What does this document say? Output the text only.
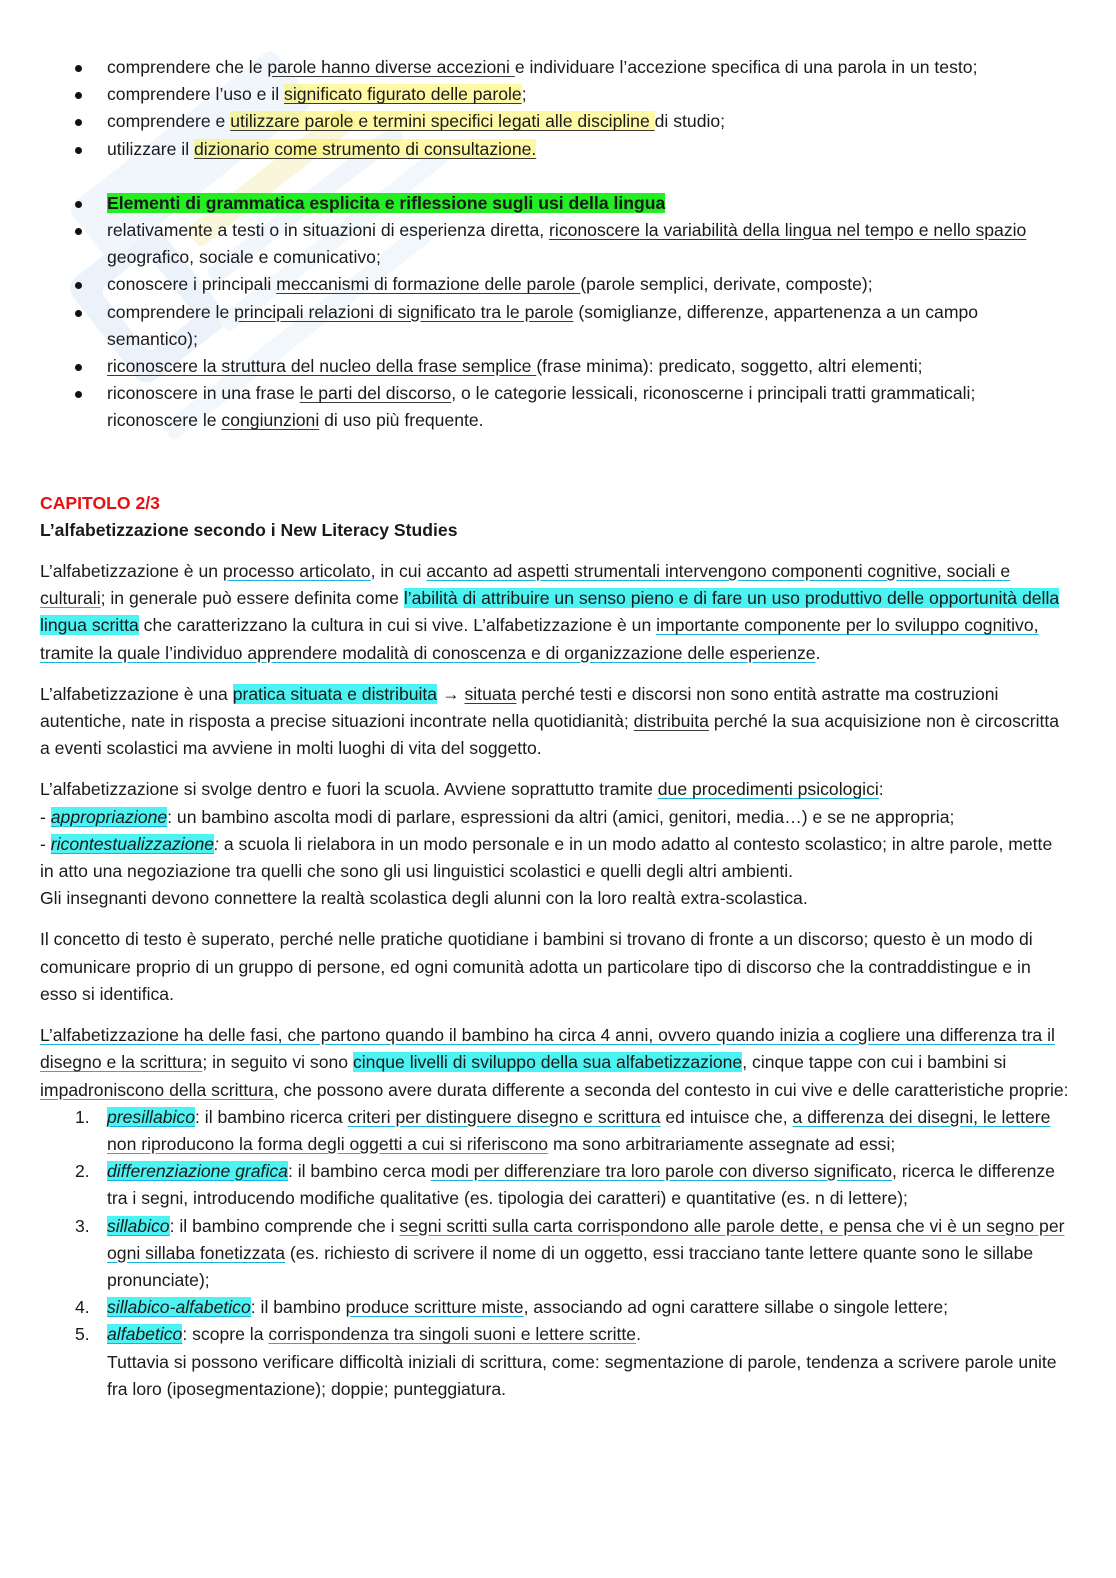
comprendere che le parole hanno diverse accezioni e individuare l’accezione specifica di una parola in un testo;
comprendere l’uso e il significato figurato delle parole;
comprendere e utilizzare parole e termini specifici legati alle discipline di studio;
utilizzare il dizionario come strumento di consultazione.
Elementi di grammatica esplicita e riflessione sugli usi della lingua
relativamente a testi o in situazioni di esperienza diretta, riconoscere la variabilità della lingua nel tempo e nello spazio geografico, sociale e comunicativo;
conoscere i principali meccanismi di formazione delle parole (parole semplici, derivate, composte);
comprendere le principali relazioni di significato tra le parole (somiglianze, differenze, appartenenza a un campo semantico);
riconoscere la struttura del nucleo della frase semplice (frase minima): predicato, soggetto, altri elementi;
riconoscere in una frase le parti del discorso, o le categorie lessicali, riconoscerne i principali tratti grammaticali; riconoscere le congiunzioni di uso più frequente.
CAPITOLO 2/3
L’alfabetizzazione secondo i New Literacy Studies

L’alfabetizzazione è un processo articolato, in cui accanto ad aspetti strumentali intervengono componenti cognitive, sociali e culturali; in generale può essere definita come l’abilità di attribuire un senso pieno e di fare un uso produttivo delle opportunità della lingua scritta che caratterizzano la cultura in cui si vive. L’alfabetizzazione è un importante componente per lo sviluppo cognitivo, tramite la quale l’individuo apprendere modalità di conoscenza e di organizzazione delle esperienze.

L’alfabetizzazione è una pratica situata e distribuita → situata perché testi e discorsi non sono entità astratte ma costruzioni autentiche, nate in risposta a precise situazioni incontrate nella quotidianità; distribuita perché la sua acquisizione non è circoscritta a eventi scolastici ma avviene in molti luoghi di vita del soggetto.

L’alfabetizzazione si svolge dentro e fuori la scuola. Avviene soprattutto tramite due procedimenti psicologici:
- appropriazione: un bambino ascolta modi di parlare, espressioni da altri (amici, genitori, media…) e se ne appropria;
- ricontestualizzazione: a scuola li rielabora in un modo personale e in un modo adatto al contesto scolastico; in altre parole, mette in atto una negoziazione tra quelli che sono gli usi linguistici scolastici e quelli degli altri ambienti.
Gli insegnanti devono connettere la realtà scolastica degli alunni con la loro realtà extra-scolastica.

Il concetto di testo è superato, perché nelle pratiche quotidiane i bambini si trovano di fronte a un discorso; questo è un modo di comunicare proprio di un gruppo di persone, ed ogni comunità adotta un particolare tipo di discorso che la contraddistingue e in esso si identifica.

L’alfabetizzazione ha delle fasi, che partono quando il bambino ha circa 4 anni, ovvero quando inizia a cogliere una differenza tra il disegno e la scrittura; in seguito vi sono cinque livelli di sviluppo della sua alfabetizzazione, cinque tappe con cui i bambini si impadroniscono della scrittura, che possono avere durata differente a seconda del contesto in cui vive e delle caratteristiche proprie:

1. presillabico: il bambino ricerca criteri per distinguere disegno e scrittura ed intuisce che, a differenza dei disegni, le lettere non riproducono la forma degli oggetti a cui si riferiscono ma sono arbitrariamente assegnate ad essi;
2. differenziazione grafica: il bambino cerca modi per differenziare tra loro parole con diverso significato, ricerca le differenze tra i segni, introducendo modifiche qualitative (es. tipologia dei caratteri) e quantitative (es. n di lettere);
3. sillabico: il bambino comprende che i segni scritti sulla carta corrispondono alle parole dette, e pensa che vi è un segno per ogni sillaba fonetizzata (es. richiesto di scrivere il nome di un oggetto, essi tracciano tante lettere quante sono le sillabe pronunciate);
4. sillabico-alfabetico: il bambino produce scritture miste, associando ad ogni carattere sillabe o singole lettere;
5. alfabetico: scopre la corrispondenza tra singoli suoni e lettere scritte.
Tuttavia si possono verificare difficoltà iniziali di scrittura, come: segmentazione di parole, tendenza a scrivere parole unite fra loro (iposegmentazione); doppie; punteggiatura.
